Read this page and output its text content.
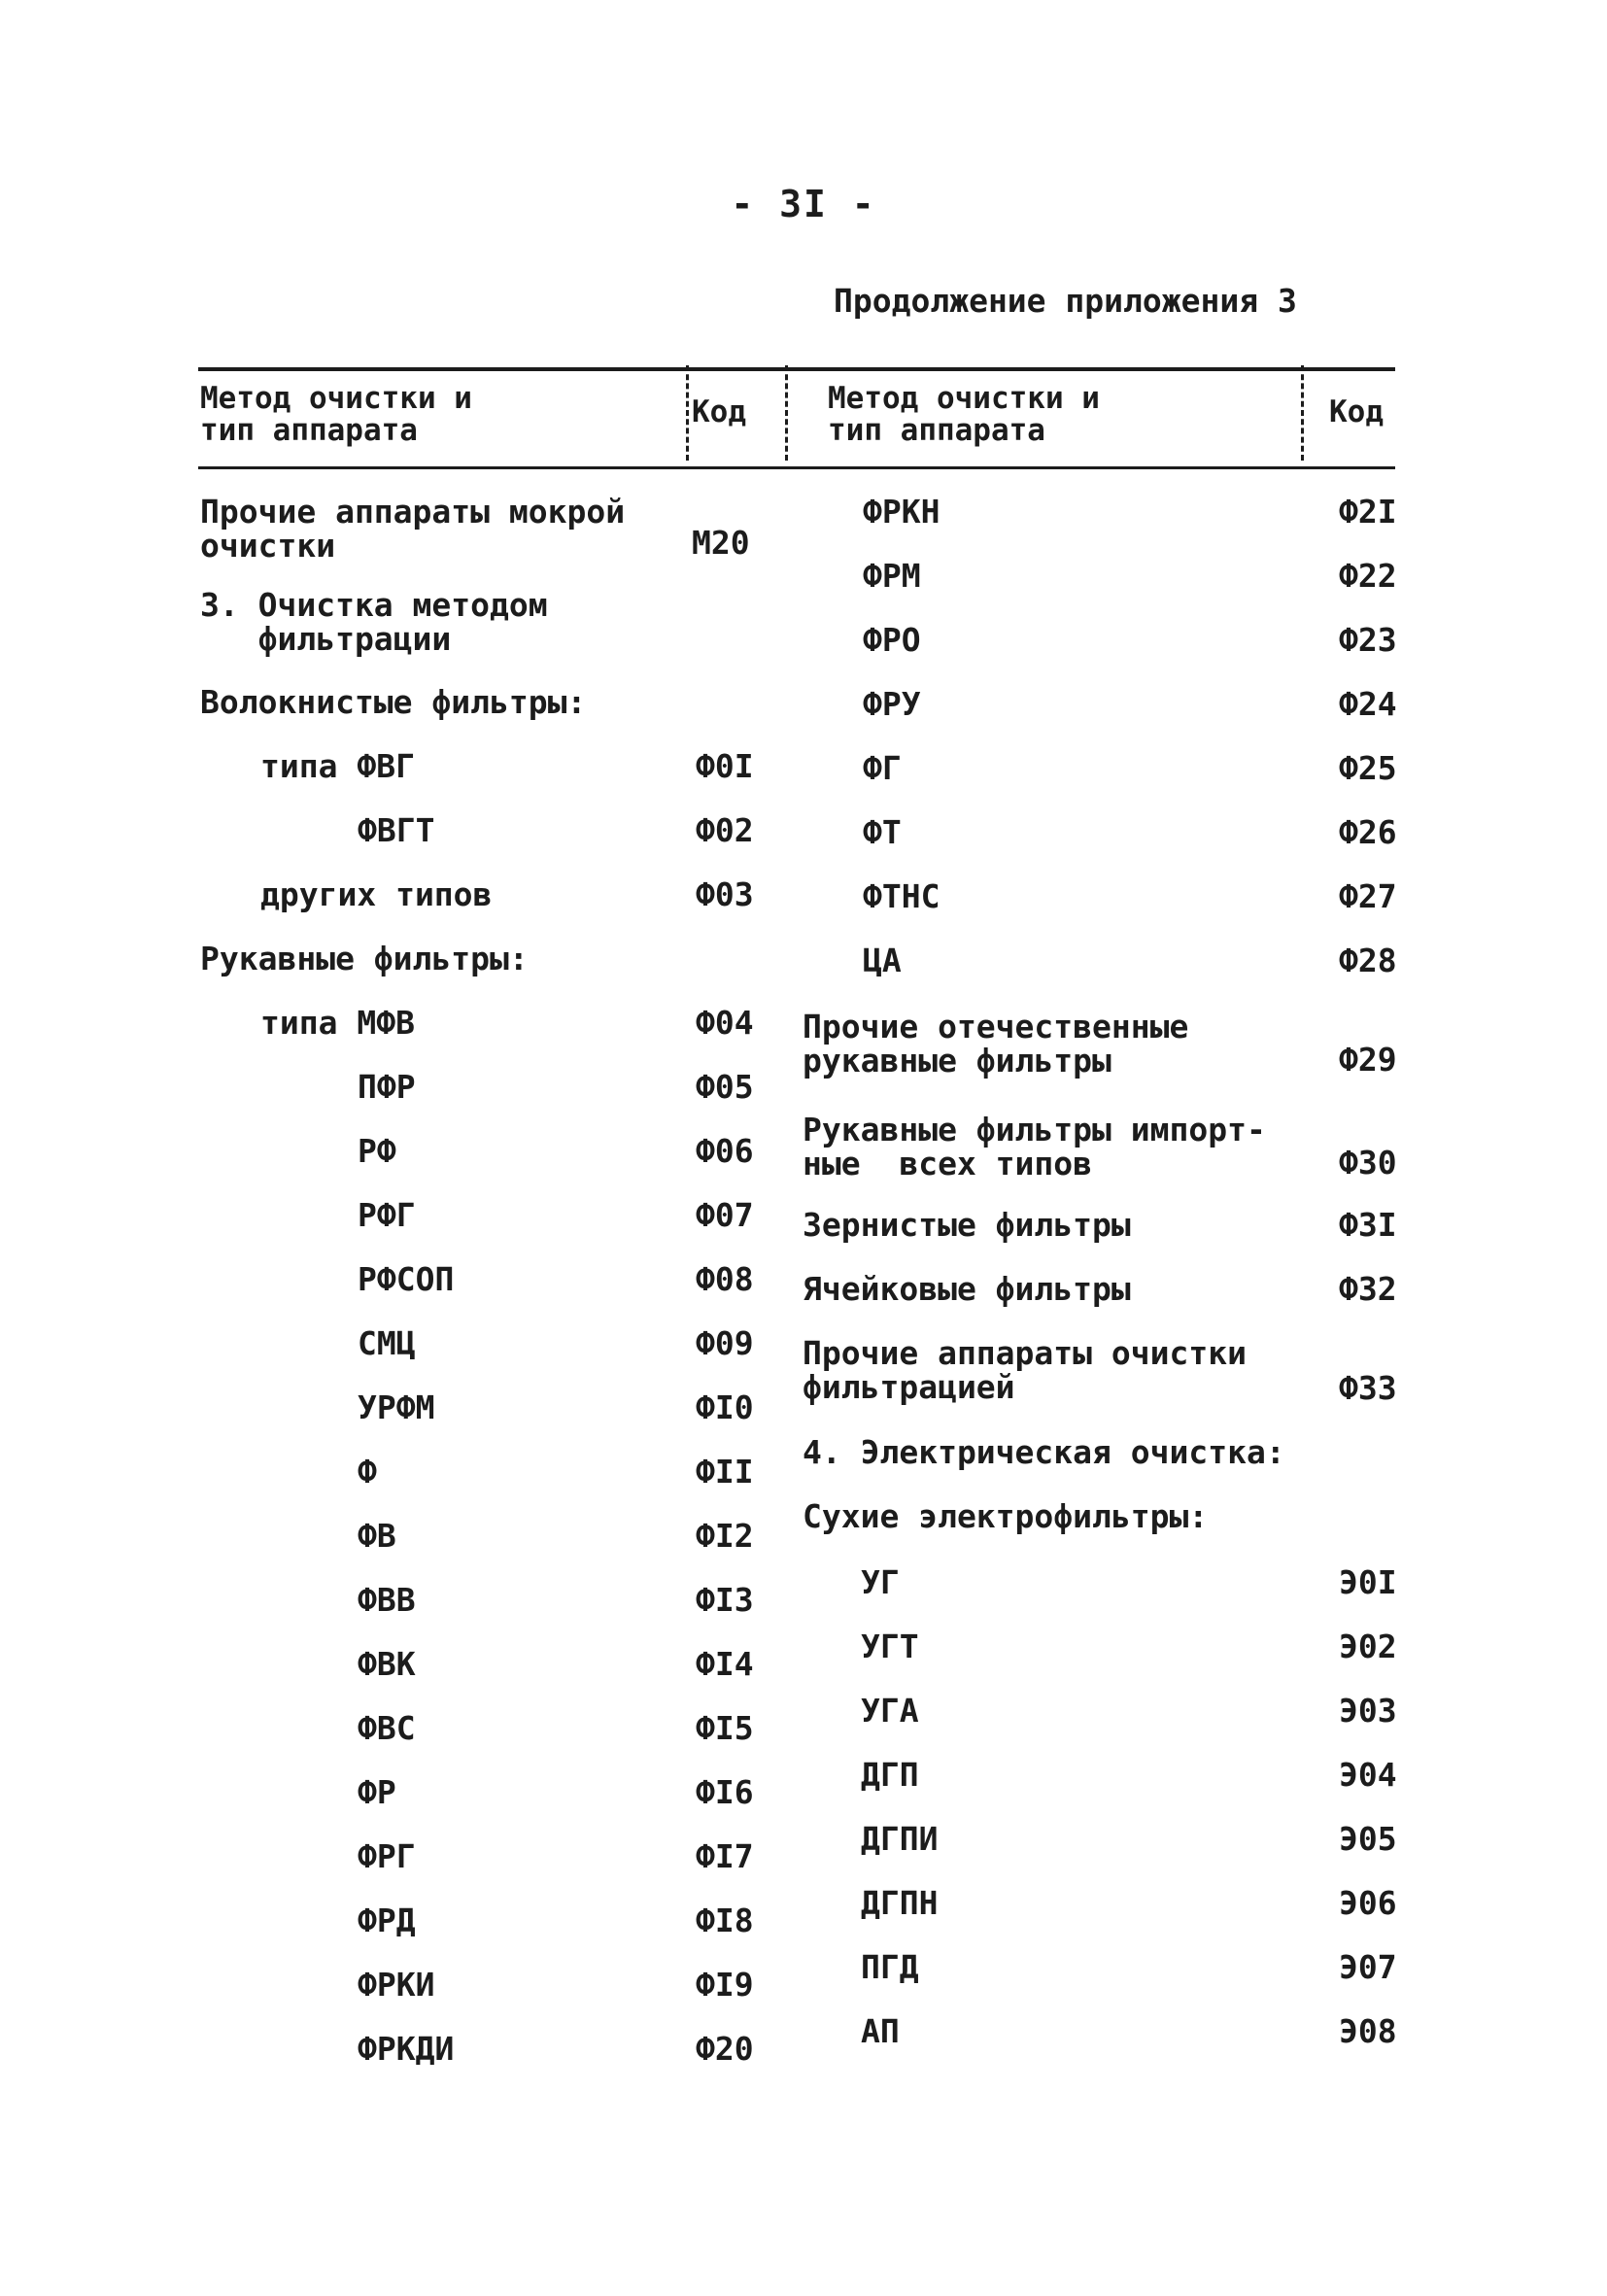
- 3I -
Продолжение приложения 3
Метод очистки и
тип аппарата
Код	Метод очистки и
тип аппарата
Код
Прочие аппараты мокрой
очистки	М20
3. Очистка методом
фильтрации
Волокнистые фильтры:
типа ФВГ	Ф0I
ФВГТ	Ф02
других типов	Ф03
Рукавные фильтры:
типа МФВ	Ф04
ПФР	Ф05
РФ	Ф06
РФГ	Ф07
РФСОП	Ф08
СМЦ	Ф09
УРФМ	ФI0
Ф	ФII
ФВ	ФI2
ФВВ	ФI3
ФВК	ФI4
ФВС	ФI5
ФР	ФI6
ФРГ	ФI7
ФРД	ФI8
ФРКИ	ФI9
ФРКДИ	Ф20
ФРКН	Ф2I
ФРМ	Ф22
ФРО	Ф23
ФРУ	Ф24
ФГ	Ф25
ФТ	Ф26
ФТНС	Ф27
ЦА	Ф28
Прочие отечественные
рукавные фильтры	Ф29
Рукавные фильтры импорт-
ные  всех типов	Ф30
Зернистые фильтры	Ф3I
Ячейковые фильтры	Ф32
Прочие аппараты очистки
фильтрацией	Ф33
4. Электрическая очистка:
Сухие электрофильтры:
УГ	Э0I
УГТ	Э02
УГА	Э03
ДГП	Э04
ДГПИ	Э05
ДГПН	Э06
ПГД	Э07
АП	Э08
